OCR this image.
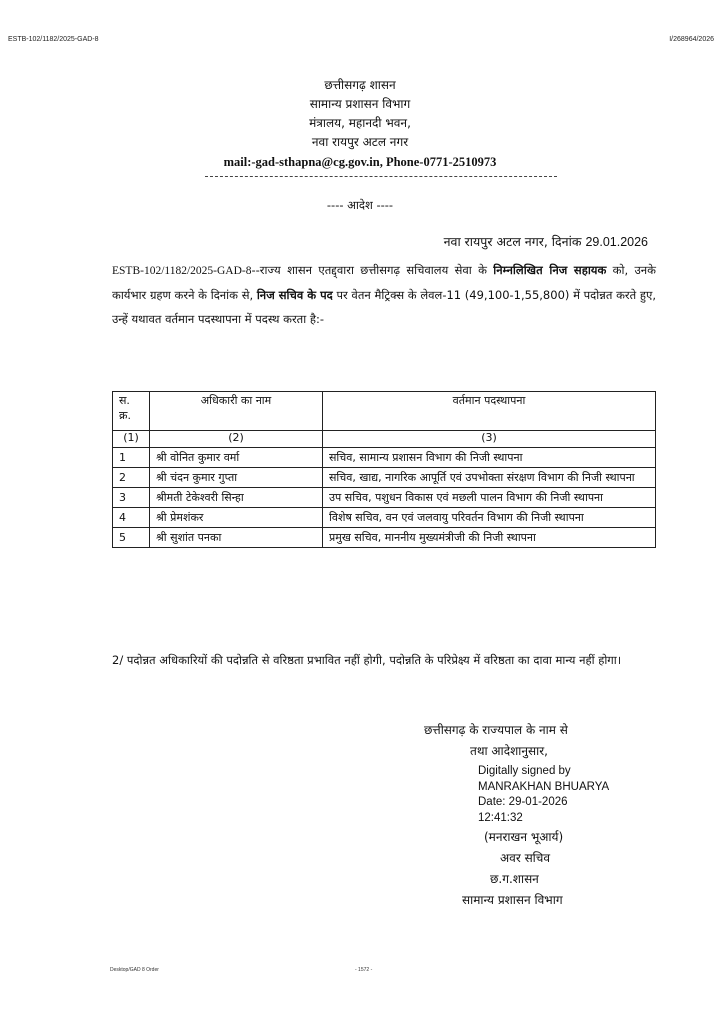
ESTB-102/1182/2025-GAD-8	I/268964/2026
छत्तीसगढ़ शासन
सामान्य प्रशासन विभाग
मंत्रालय, महानदी भवन,
नवा रायपुर अटल नगर
mail:-gad-sthapna@cg.gov.in, Phone-0771-2510973
---- आदेश ----
नवा रायपुर अटल नगर, दिनांक 29.01.2026
ESTB-102/1182/2025-GAD-8--राज्य शासन एतद्द्वारा छत्तीसगढ़ सचिवालय सेवा के निम्नलिखित निज सहायक को, उनके कार्यभार ग्रहण करने के दिनांक से, निज सचिव के पद पर वेतन मैट्रिक्स के लेवल-11 (49,100-1,55,800) में पदोन्नत करते हुए, उन्हें यथावत वर्तमान पदस्थापना में पदस्थ करता है:-
स. क्र.	अधिकारी का नाम	वर्तमान पदस्थापना
(1)	(2)	(3)
1	श्री वोनित कुमार वर्मा	सचिव, सामान्य प्रशासन विभाग की निजी स्थापना
2	श्री चंदन कुमार गुप्ता	सचिव, खाद्य, नागरिक आपूर्ति एवं उपभोक्ता संरक्षण विभाग की निजी स्थापना
3	श्रीमती टेकेश्वरी सिन्हा	उप सचिव, पशुधन विकास एवं मछली पालन विभाग की निजी स्थापना
4	श्री प्रेमशंकर	विशेष सचिव, वन एवं जलवायु परिवर्तन विभाग की निजी स्थापना
5	श्री सुशांत पनका	प्रमुख सचिव, माननीय मुख्यमंत्रीजी की निजी स्थापना
2/ पदोन्नत अधिकारियों की पदोन्नति से वरिष्ठता प्रभावित नहीं होगी, पदोन्नति के परिप्रेक्ष्य में वरिष्ठता का दावा मान्य नहीं होगा।
छत्तीसगढ़ के राज्यपाल के नाम से
तथा आदेशानुसार,
Digitally signed by
MANRAKHAN BHUARYA
Date: 29-01-2026
12:41:32
(मनराखन भूआर्य)
अवर सचिव
छ.ग.शासन
सामान्य प्रशासन विभाग
Desktop/GAD 8 Order	- 1572 -
